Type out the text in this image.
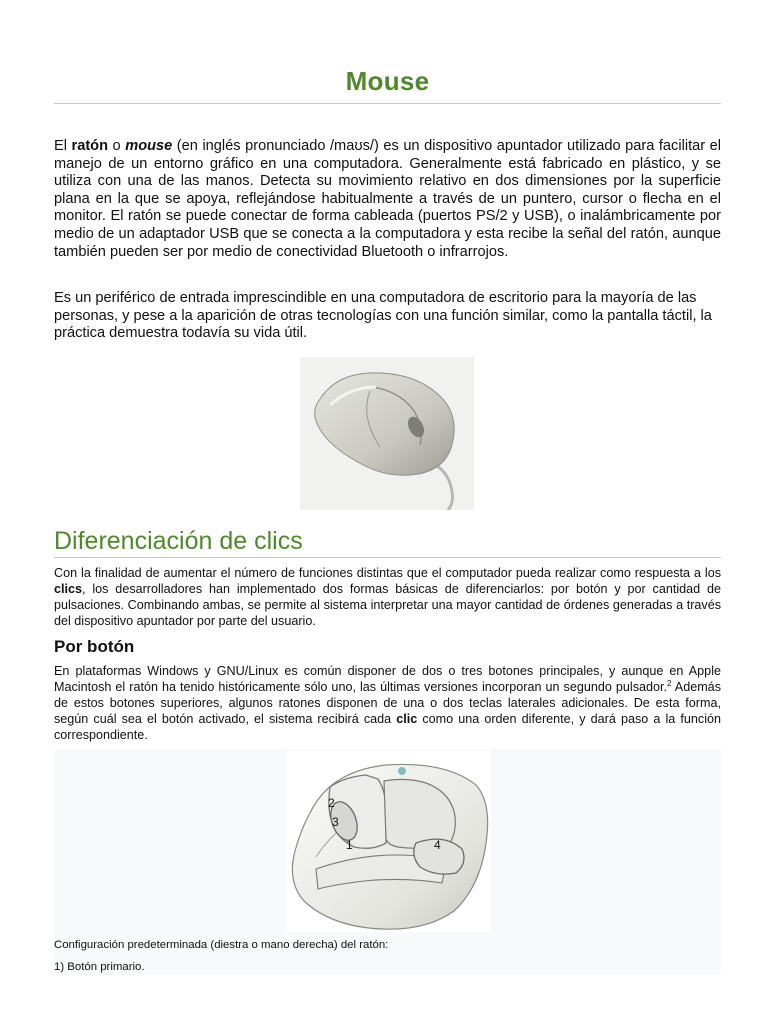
Mouse
El ratón o mouse (en inglés pronunciado /maʊs/) es un dispositivo apuntador utilizado para facilitar el manejo de un entorno gráfico en una computadora. Generalmente está fabricado en plástico, y se utiliza con una de las manos. Detecta su movimiento relativo en dos dimensiones por la superficie plana en la que se apoya, reflejándose habitualmente a través de un puntero, cursor o flecha en el monitor. El ratón se puede conectar de forma cableada (puertos PS/2 y USB), o inalámbricamente por medio de un adaptador USB que se conecta a la computadora y esta recibe la señal del ratón, aunque también pueden ser por medio de conectividad Bluetooth o infrarrojos.
Es un periférico de entrada imprescindible en una computadora de escritorio para la mayoría de las personas, y pese a la aparición de otras tecnologías con una función similar, como la pantalla táctil, la práctica demuestra todavía su vida útil.
Diferenciación de clics
Con la finalidad de aumentar el número de funciones distintas que el computador pueda realizar como respuesta a los clics, los desarrolladores han implementado dos formas básicas de diferenciarlos: por botón y por cantidad de pulsaciones. Combinando ambas, se permite al sistema interpretar una mayor cantidad de órdenes generadas a través del dispositivo apuntador por parte del usuario.
Por botón
En plataformas Windows y GNU/Linux es común disponer de dos o tres botones principales, y aunque en Apple Macintosh el ratón ha tenido históricamente sólo uno, las últimas versiones incorporan un segundo pulsador.$^2$ Además de estos botones superiores, algunos ratones disponen de una o dos teclas laterales adicionales. De esta forma, según cuál sea el botón activado, el sistema recibirá cada clic como una orden diferente, y dará paso a la función correspondiente.
2
3
1	4
Configuración predeterminada (diestra o mano derecha) del ratón:
1) Botón primario.
